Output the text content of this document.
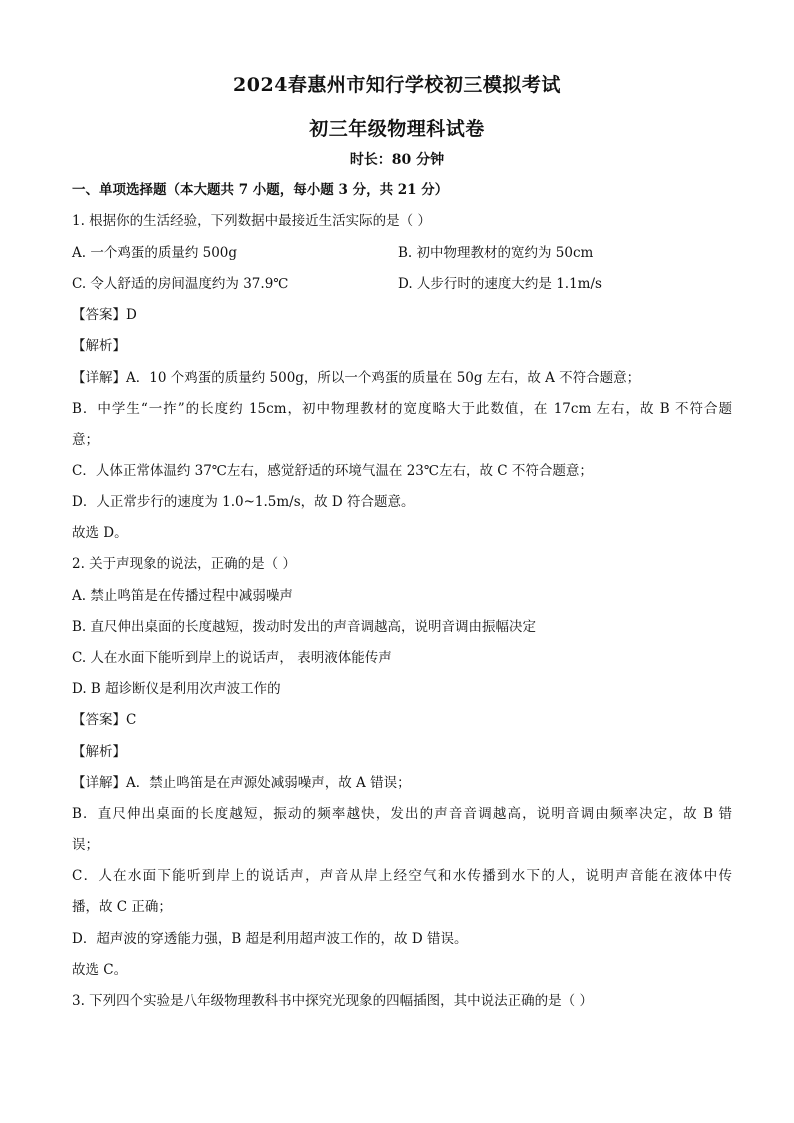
2024春惠州市知行学校初三模拟考试
初三年级物理科试卷
时长：80 分钟
一、单项选择题（本大题共 7 小题，每小题 3 分，共 21 分）
1. 根据你的生活经验，下列数据中最接近生活实际的是（ ）
A. 一个鸡蛋的质量约 500g	B. 初中物理教材的宽约为 50cm
C. 令人舒适的房间温度约为 37.9℃	D. 人步行时的速度大约是 1.1m/s
【答案】D
【解析】
【详解】A．10 个鸡蛋的质量约 500g，所以一个鸡蛋的质量在 50g 左右，故 A 不符合题意；
B．中学生“一拃”的长度约 15cm，初中物理教材的宽度略大于此数值，在 17cm 左右，故 B 不符合题
意；
C．人体正常体温约 37℃左右，感觉舒适的环境气温在 23℃左右，故 C 不符合题意；
D．人正常步行的速度为 1.0~1.5m/s，故 D 符合题意。
故选 D。
2. 关于声现象的说法，正确的是（ ）
A. 禁止鸣笛是在传播过程中减弱噪声
B. 直尺伸出桌面的长度越短，拨动时发出的声音调越高，说明音调由振幅决定
C. 人在水面下能听到岸上的说话声， 表明液体能传声
D. B 超诊断仪是利用次声波工作的
【答案】C
【解析】
【详解】A．禁止鸣笛是在声源处减弱噪声，故 A 错误；
B．直尺伸出桌面的长度越短，振动的频率越快，发出的声音音调越高，说明音调由频率决定，故 B 错
误；
C．人在水面下能听到岸上的说话声，声音从岸上经空气和水传播到水下的人，说明声音能在液体中传
播，故 C 正确；
D．超声波的穿透能力强，B 超是利用超声波工作的，故 D 错误。
故选 C。
3. 下列四个实验是八年级物理教科书中探究光现象的四幅插图，其中说法正确的是（ ）
